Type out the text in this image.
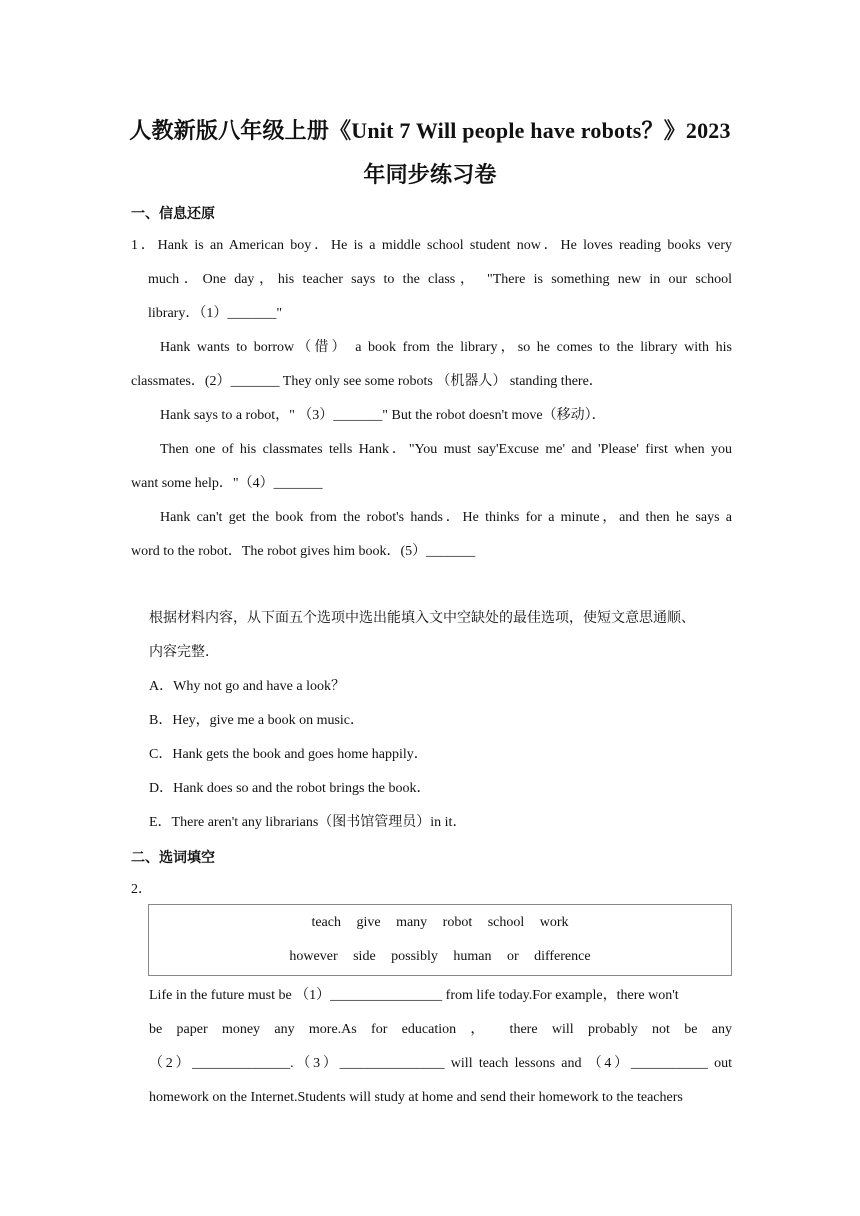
人教新版八年级上册《Unit 7 Will people have robots？》2023
年同步练习卷
一、信息还原
1．Hank is an American boy．He is a middle school student now．He loves reading books very
much．One day，his teacher says to the class， "There is something new in our school
library．（1）_______"
Hank wants to borrow（借） a book from the library，so he comes to the library with his
classmates．(2）_______ They only see some robots （机器人） standing there．
Hank says to a robot，" （3）_______" But the robot doesn't move（移动）．
Then one of his classmates tells Hank．"You must say'Excuse me' and 'Please' first when you
want some help．"（4）_______
Hank can't get the book from the robot's hands．He thinks for a minute，and then he says a
word to the robot．The robot gives him book．(5）_______
根据材料内容，从下面五个选项中选出能填入文中空缺处的最佳选项，使短文意思通顺、
内容完整．
A．Why not go and have a look？
B．Hey，give me a book on music．
C．Hank gets the book and goes home happily．
D．Hank does so and the robot brings the book．
E．There aren't any librarians（图书馆管理员）in it．
二、选词填空
2．
teach give many robot school work
however side possibly human or difference
Life in the future must be （1）________________ from life today.For example，there won't
be paper money any more.As for education ， there will probably not be any
（2）______________.（3）_______________ will teach lessons and （4）___________ out
homework on the Internet.Students will study at home and send their homework to the teachers
